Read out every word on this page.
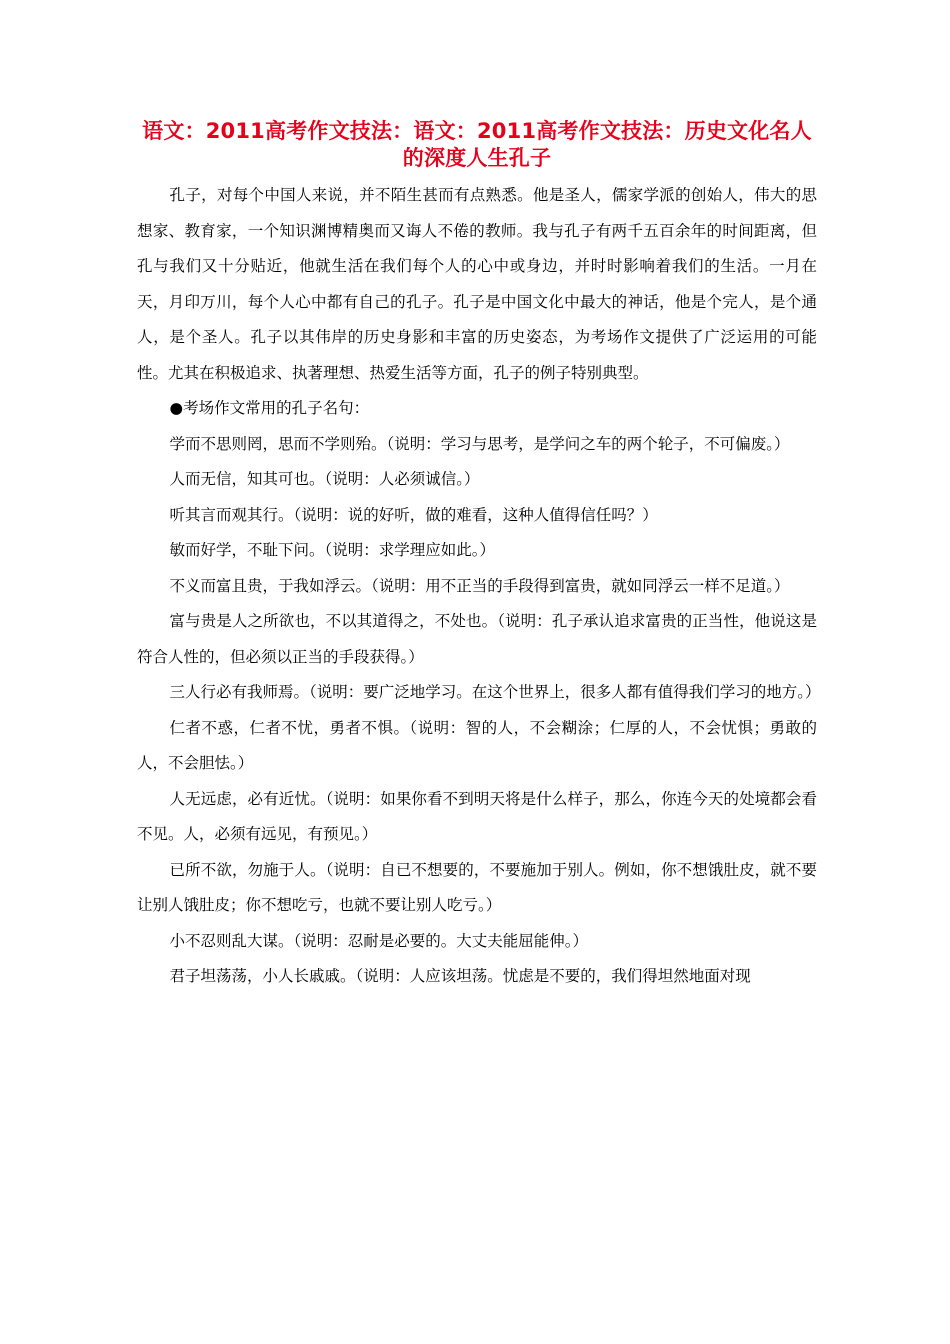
语文：2011高考作文技法：语文：2011高考作文技法：历史文化名人的深度人生孔子

孔子，对每个中国人来说，并不陌生甚而有点熟悉。他是圣人，儒家学派的创始人，伟大的思想家、教育家，一个知识渊博精奥而又诲人不倦的教师。我与孔子有两千五百余年的时间距离，但孔与我们又十分贴近，他就生活在我们每个人的心中或身边，并时时影响着我们的生活。一月在天，月印万川，每个人心中都有自己的孔子。孔子是中国文化中最大的神话，他是个完人，是个通人，是个圣人。孔子以其伟岸的历史身影和丰富的历史姿态，为考场作文提供了广泛运用的可能性。尤其在积极追求、执著理想、热爱生活等方面，孔子的例子特别典型。

●考场作文常用的孔子名句：

学而不思则罔，思而不学则殆。（说明：学习与思考，是学问之车的两个轮子，不可偏废。）

人而无信，知其可也。（说明：人必须诚信。）

听其言而观其行。（说明：说的好听，做的难看，这种人值得信任吗？）

敏而好学，不耻下问。（说明：求学理应如此。）

不义而富且贵，于我如浮云。（说明：用不正当的手段得到富贵，就如同浮云一样不足道。）

富与贵是人之所欲也，不以其道得之，不处也。（说明：孔子承认追求富贵的正当性，他说这是符合人性的，但必须以正当的手段获得。）

三人行必有我师焉。（说明：要广泛地学习。在这个世界上，很多人都有值得我们学习的地方。）

仁者不惑，仁者不忧，勇者不惧。（说明：智的人，不会糊涂；仁厚的人，不会忧惧；勇敢的人，不会胆怯。）

人无远虑，必有近忧。（说明：如果你看不到明天将是什么样子，那么，你连今天的处境都会看不见。人，必须有远见，有预见。）

已所不欲，勿施于人。（说明：自已不想要的，不要施加于别人。例如，你不想饿肚皮，就不要让别人饿肚皮；你不想吃亏，也就不要让别人吃亏。）

小不忍则乱大谋。（说明：忍耐是必要的。大丈夫能屈能伸。）

君子坦荡荡，小人长戚戚。（说明：人应该坦荡。忧虑是不要的，我们得坦然地面对现
